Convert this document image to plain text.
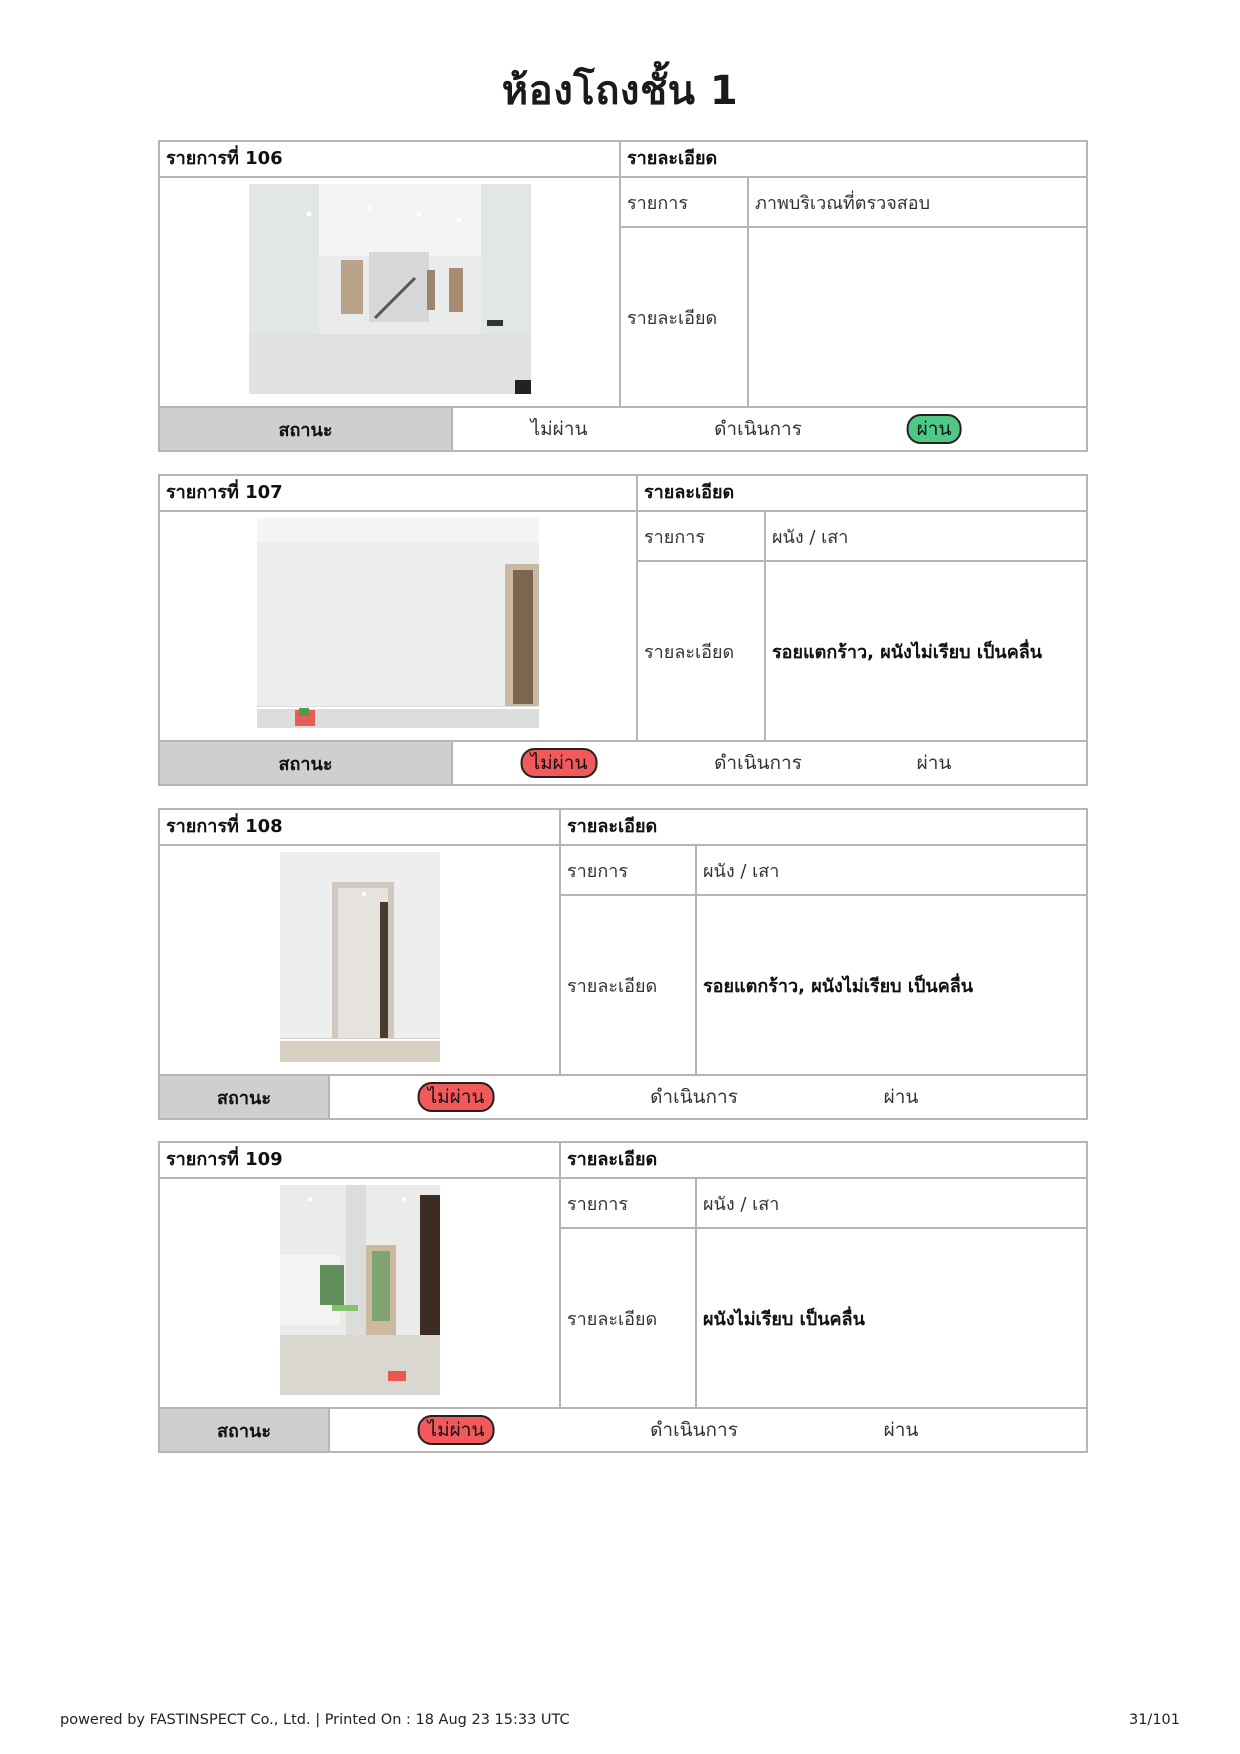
ห้องโถงชั้น 1
รายการที่ 106	รายละเอียด
รายการ	ภาพบริเวณที่ตรวจสอบ
รายละเอียด
สถานะ	ไม่ผ่าน	ดำเนินการ	ผ่าน
รายการที่ 107	รายละเอียด
รายการ	ผนัง / เสา
รายละเอียด	รอยแตกร้าว, ผนังไม่เรียบ เป็นคลื่น
สถานะ	ไม่ผ่าน	ดำเนินการ	ผ่าน
รายการที่ 108	รายละเอียด
รายการ	ผนัง / เสา
รายละเอียด	รอยแตกร้าว, ผนังไม่เรียบ เป็นคลื่น
สถานะ	ไม่ผ่าน	ดำเนินการ	ผ่าน
รายการที่ 109	รายละเอียด
รายการ	ผนัง / เสา
รายละเอียด	ผนังไม่เรียบ เป็นคลื่น
สถานะ	ไม่ผ่าน	ดำเนินการ	ผ่าน
powered by FASTINSPECT Co., Ltd. | Printed On : 18 Aug 23 15:33 UTC	31/101
